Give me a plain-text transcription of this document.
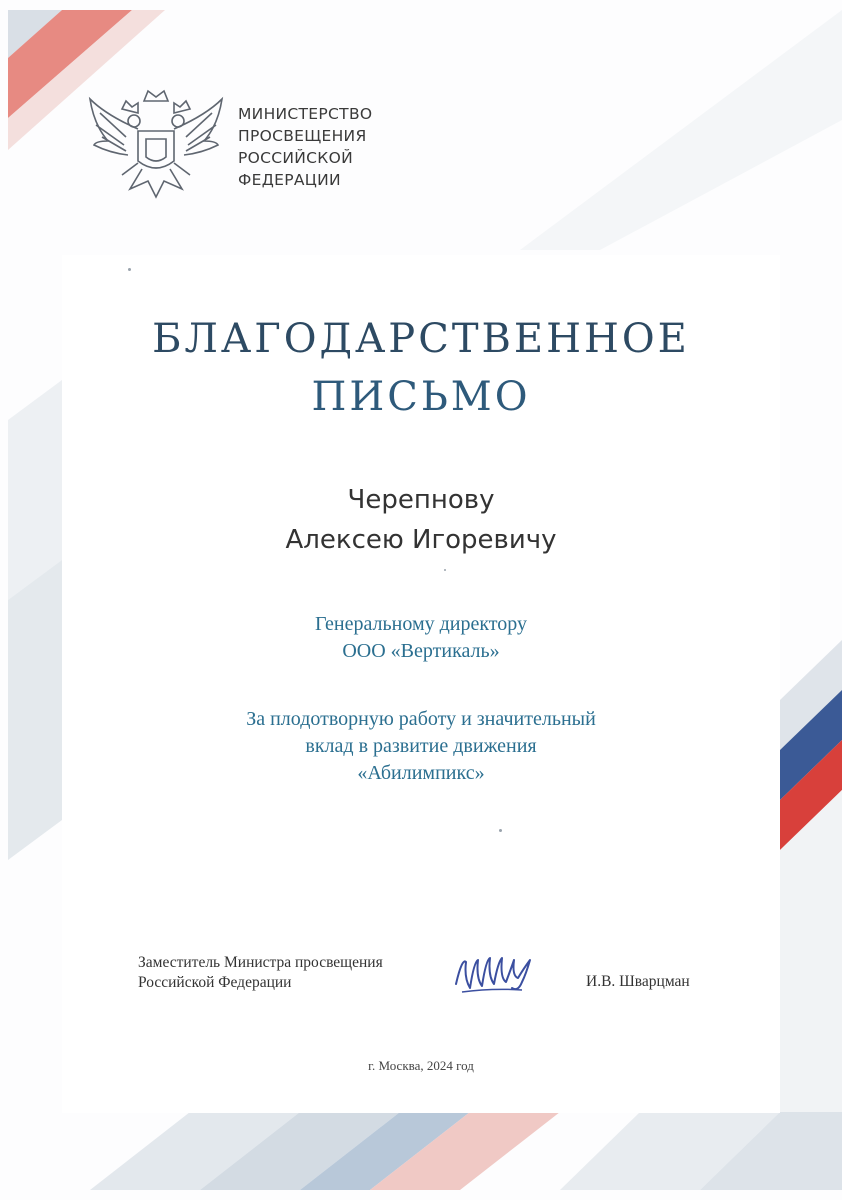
МИНИСТЕРСТВО
ПРОСВЕЩЕНИЯ
РОССИЙСКОЙ
ФЕДЕРАЦИИ
БЛАГОДАРСТВЕННОЕ
ПИСЬМО
Черепнову
Алексею Игоревичу
Генеральному директору
ООО «Вертикаль»
За плодотворную работу и значительный
вклад в развитие движения
«Абилимпикс»
Заместитель Министра просвещения
Российской Федерации	И.В. Шварцман
г. Москва, 2024 год
